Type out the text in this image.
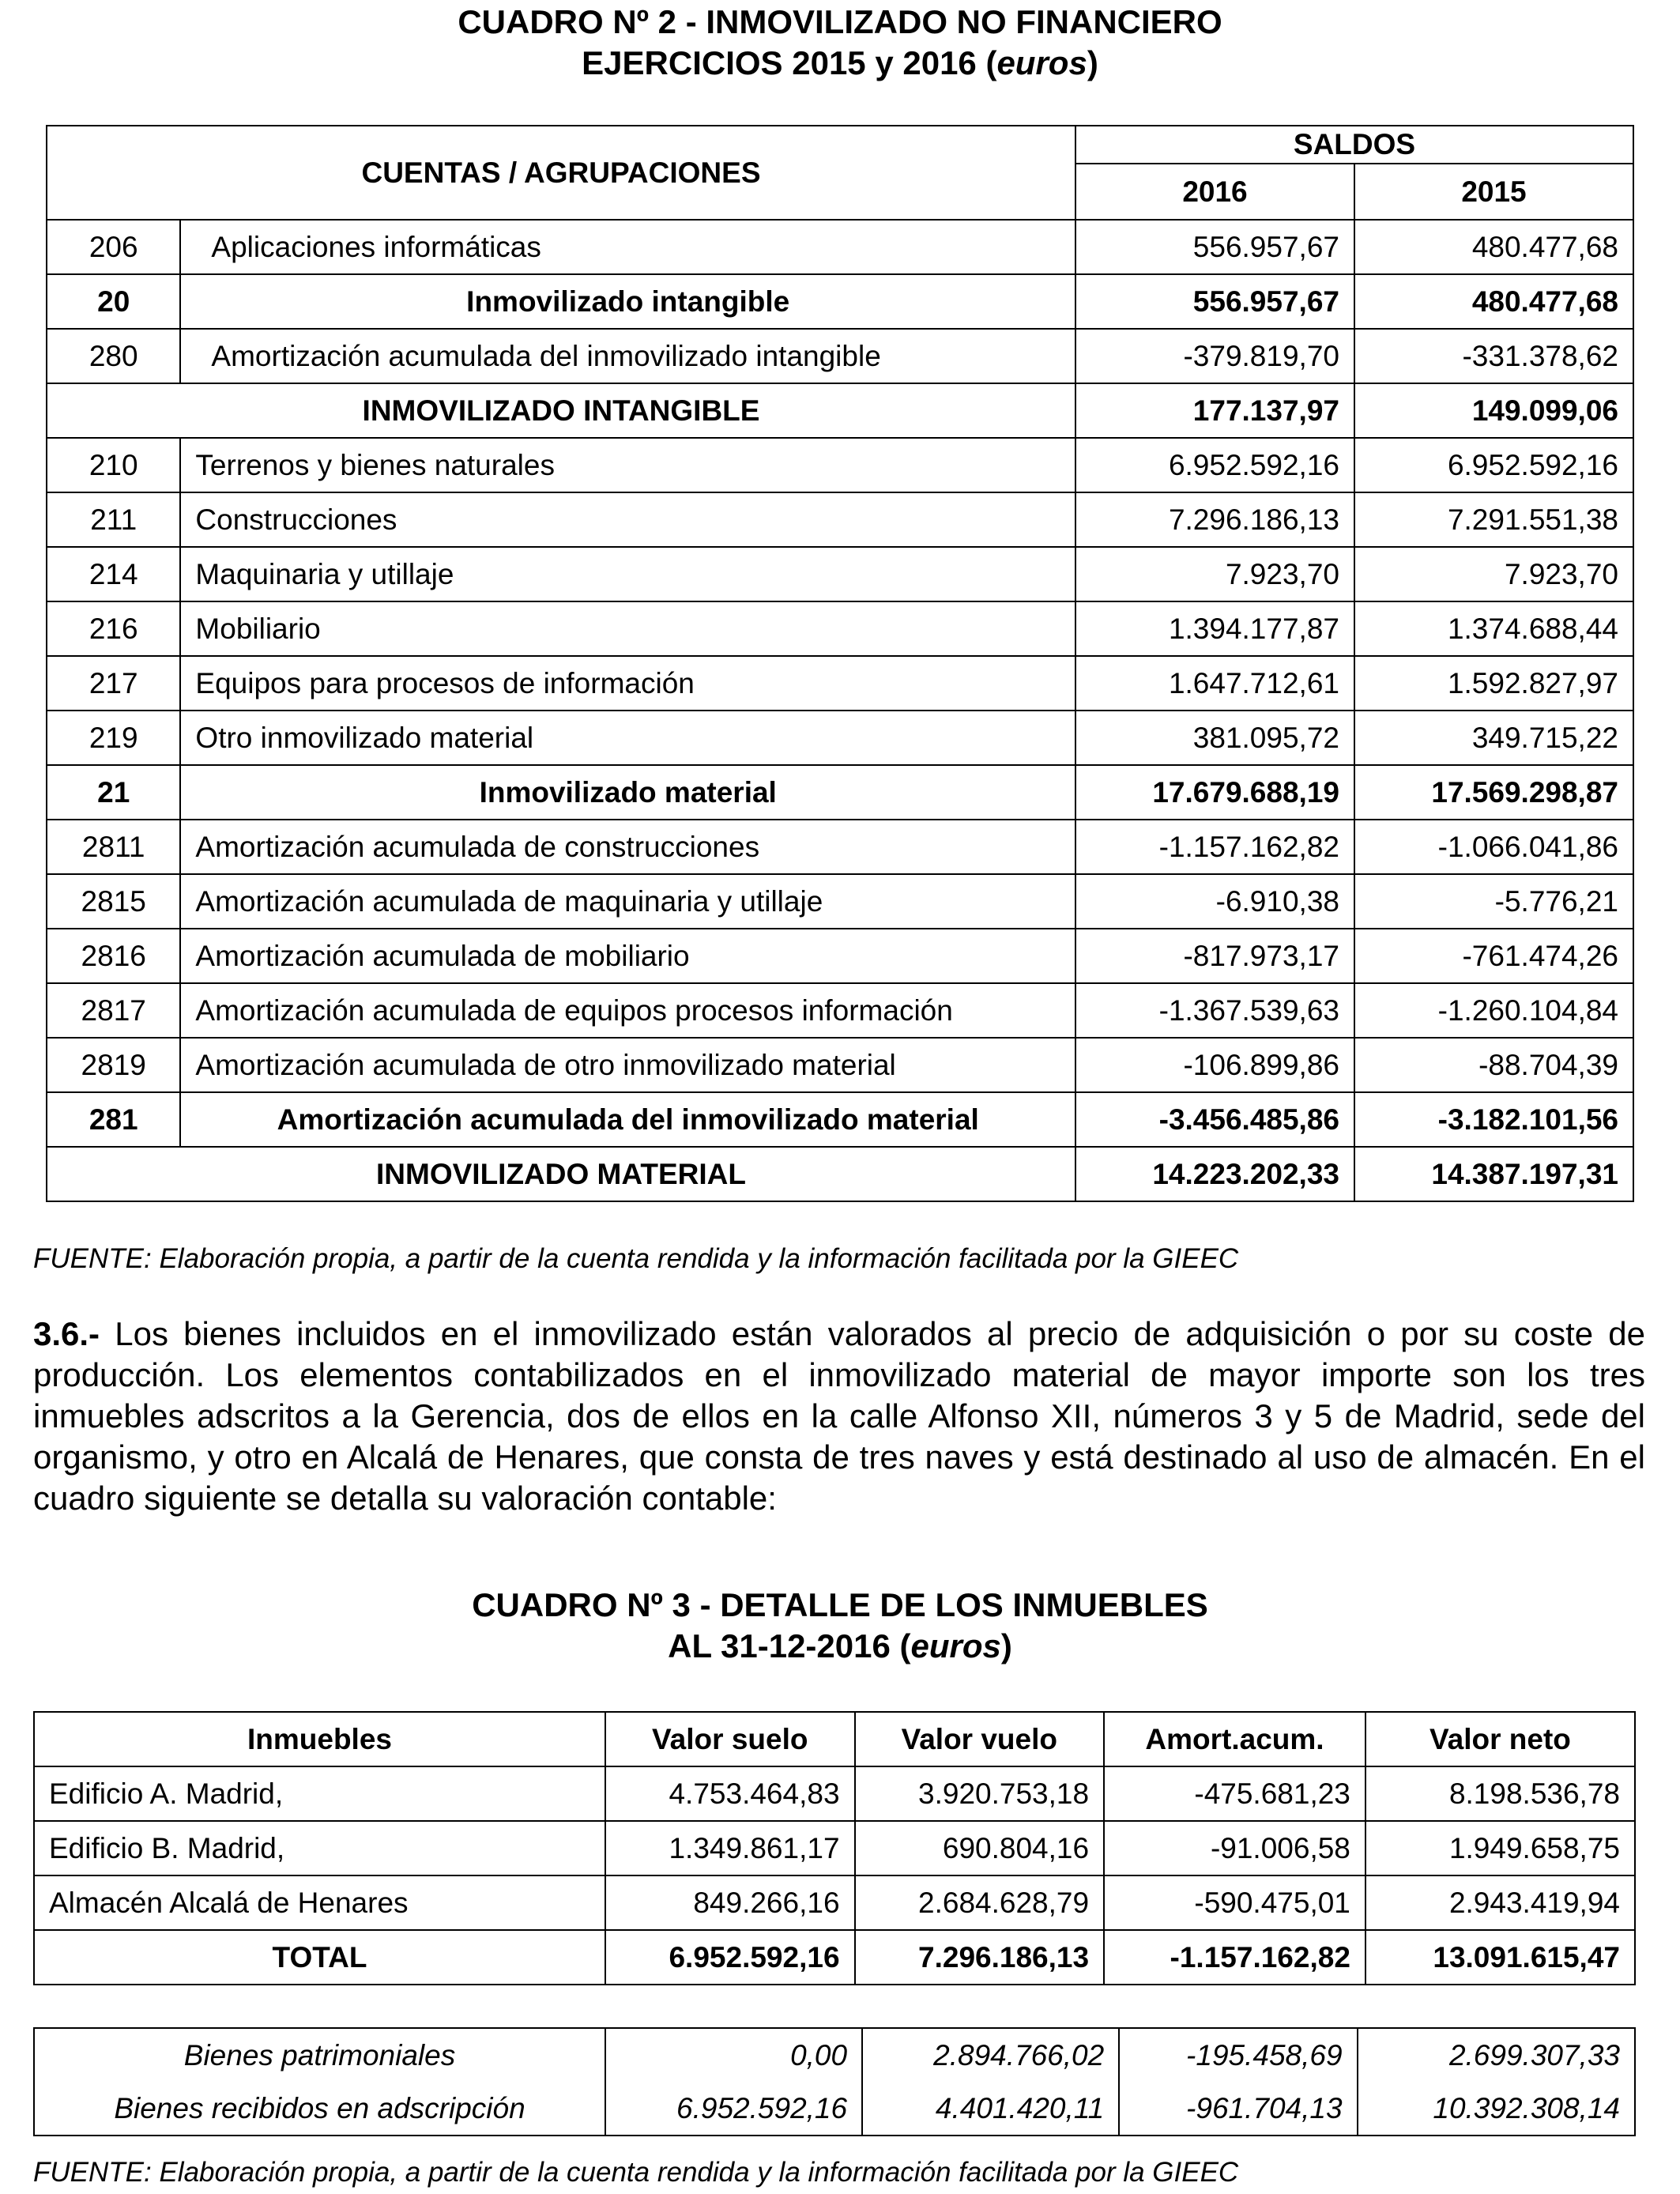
CUADRO Nº 2 - INMOVILIZADO NO FINANCIERO
EJERCICIOS 2015 y 2016 (euros)
CUENTAS / AGRUPACIONES		SALDOS	
		2016	2015
206	Aplicaciones informáticas	556.957,67	480.477,68
20	Inmovilizado intangible	556.957,67	480.477,68
280	Amortización acumulada del inmovilizado intangible	-379.819,70	-331.378,62
INMOVILIZADO INTANGIBLE		177.137,97	149.099,06
210	Terrenos y bienes naturales	6.952.592,16	6.952.592,16
211	Construcciones	7.296.186,13	7.291.551,38
214	Maquinaria y utillaje	7.923,70	7.923,70
216	Mobiliario	1.394.177,87	1.374.688,44
217	Equipos para procesos de información	1.647.712,61	1.592.827,97
219	Otro inmovilizado material	381.095,72	349.715,22
21	Inmovilizado material	17.679.688,19	17.569.298,87
2811	Amortización acumulada de construcciones	-1.157.162,82	-1.066.041,86
2815	Amortización acumulada de maquinaria y utillaje	-6.910,38	-5.776,21
2816	Amortización acumulada de mobiliario	-817.973,17	-761.474,26
2817	Amortización acumulada de equipos procesos información	-1.367.539,63	-1.260.104,84
2819	Amortización acumulada de otro inmovilizado material	-106.899,86	-88.704,39
281	Amortización acumulada del inmovilizado material	-3.456.485,86	-3.182.101,56
INMOVILIZADO MATERIAL		14.223.202,33	14.387.197,31
FUENTE: Elaboración propia, a partir de la cuenta rendida y la información facilitada por la GIEEC
3.6.- Los bienes incluidos en el inmovilizado están valorados al precio de adquisición o por su coste de producción. Los elementos contabilizados en el inmovilizado material de mayor importe son los tres inmuebles adscritos a la Gerencia, dos de ellos en la calle Alfonso XII, números 3 y 5 de Madrid, sede del organismo, y otro en Alcalá de Henares, que consta de tres naves y está destinado al uso de almacén. En el cuadro siguiente se detalla su valoración contable:
CUADRO Nº 3 - DETALLE DE LOS INMUEBLES
AL 31-12-2016 (euros)
Inmuebles	Valor suelo	Valor vuelo	Amort.acum.	Valor neto
Edificio A. Madrid,	4.753.464,83	3.920.753,18	-475.681,23	8.198.536,78
Edificio B. Madrid,	1.349.861,17	690.804,16	-91.006,58	1.949.658,75
Almacén Alcalá de Henares	849.266,16	2.684.628,79	-590.475,01	2.943.419,94
TOTAL	6.952.592,16	7.296.186,13	-1.157.162,82	13.091.615,47
Bienes patrimoniales	0,00	2.894.766,02	-195.458,69	2.699.307,33
Bienes recibidos en adscripción	6.952.592,16	4.401.420,11	-961.704,13	10.392.308,14
FUENTE: Elaboración propia, a partir de la cuenta rendida y la información facilitada por la GIEEC
